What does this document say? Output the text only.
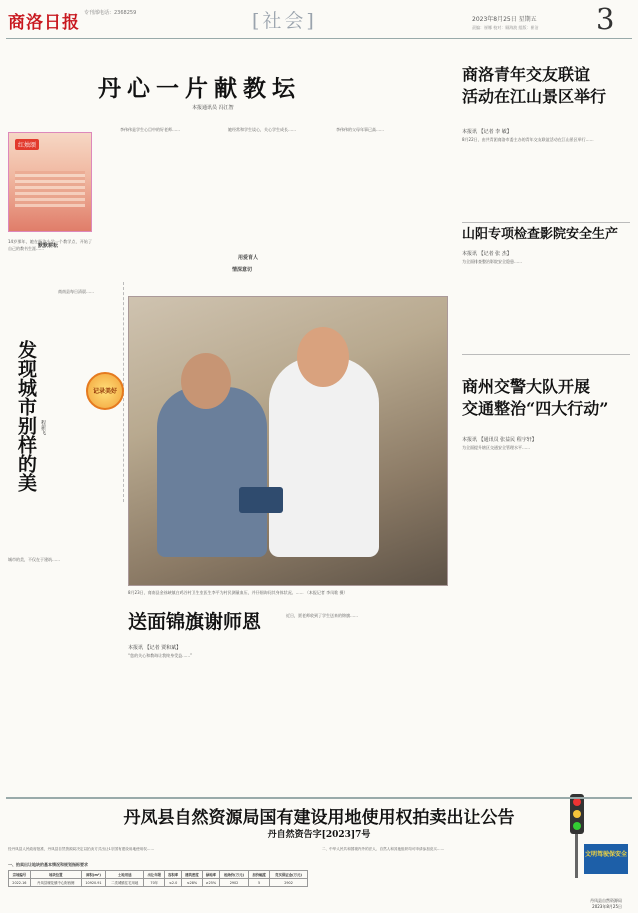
商洛日报 专刊部电话：2368259	[社会]	2023年8月25日 星期五
责编：崔娜 校对：顾海波 组版：崔洁 3
丹心一片献教坛
本报通讯员 冯江智
红烛颂
14岁那年，她在杨沟小学一个教学点，开始了自己的教书生涯……
默默耕耘
用爱育人
情深意切
李伟伟是学生心目中的好老师……	她经常和学生谈心，关心学生成长……	李伟伟的父母年事已高……
发现城市别样的美
程新飞
记录美好
商南县每日清晨……
城市的美，不仅在于建筑……
8月23日，商南县金丝峡镇白鸡谷村卫生室医生李平为村民测量血压，并仔细询问其身体状况。…… （本报记者 李凤歌 摄）
送面锦旗谢师恩
本报讯 【记者 贾和斌】
“您的关心和教诲让我终身受益……”
近日，贾老师收到了学生送来的锦旗……
商洛青年交友联谊
活动在江山景区举行
本报讯 【记者 李 敏】
8月22日，由共青团商洛市委主办的青年交友联谊活动在江山景区举行……
山阳专项检查影院安全生产
本报讯 【记者 张 杰】
为全面排查整治影院安全隐患……
商州交警大队开展
交通整治“四大行动”
本报讯 【通讯员 张益民 程宇轩】
为全面提升辖区交通安全管理水平……
文明驾驶保安全
丹凤县自然资源局国有建设用地使用权拍卖出让公告
丹自然资告字[2023]7号
经丹凤县人民政府批准，丹凤县自然资源局决定以拍卖方式出让1宗国有建设用地使用权……
一、拍卖出让地块的基本情况和规划指标要求
宗地编号	地块位置	面积(m²)	土地用途	出让年限	容积率	建筑密度	绿地率	起始价(万元)	加价幅度	竞买保证金(万元)
2022-16	丹凤县棣花镇中心街西侧	10920.91	二类城镇住宅用地	70年	≤2.0	≤28%	≥25%	2902	5	2902
二、中华人民共和国境内外的法人、自然人和其他组织均可申请参加竞买……
丹凤县自然资源局
2023年8月25日
